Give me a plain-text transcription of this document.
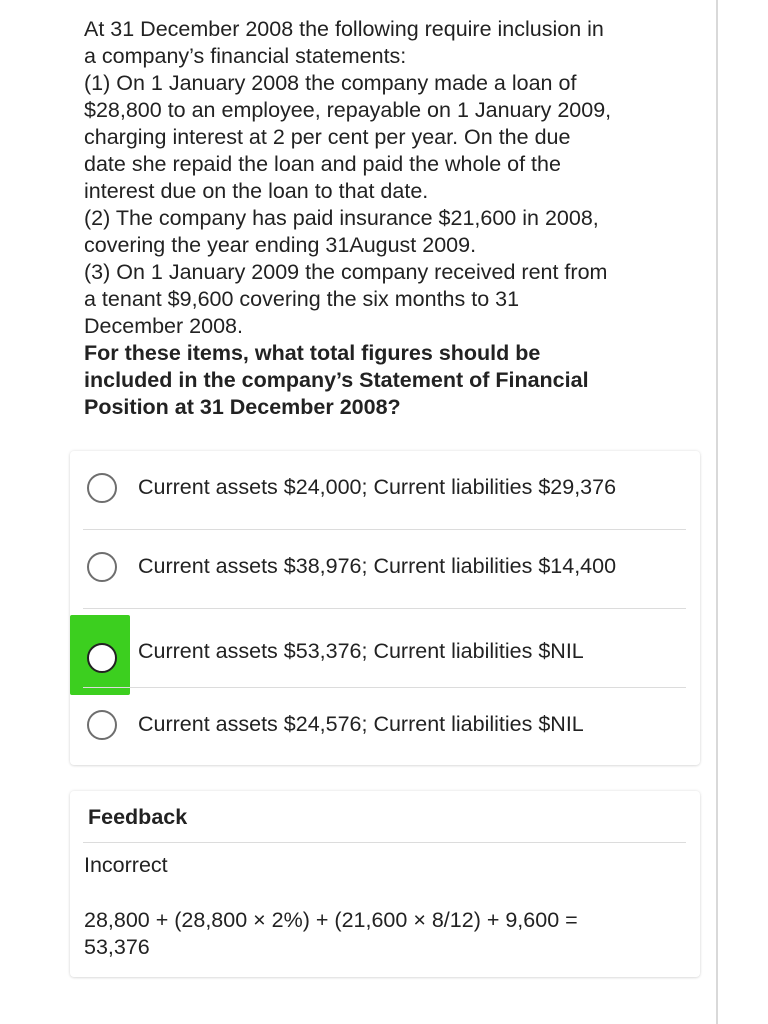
At 31 December 2008 the following require inclusion in
a company’s financial statements:
(1) On 1 January 2008 the company made a loan of
$28,800 to an employee, repayable on 1 January 2009,
charging interest at 2 per cent per year. On the due
date she repaid the loan and paid the whole of the
interest due on the loan to that date.
(2) The company has paid insurance $21,600 in 2008,
covering the year ending 31August 2009.
(3) On 1 January 2009 the company received rent from
a tenant $9,600 covering the six months to 31
December 2008.
For these items, what total figures should be
included in the company’s Statement of Financial
Position at 31 December 2008?
Current assets $24,000; Current liabilities $29,376
Current assets $38,976; Current liabilities $14,400
Current assets $53,376; Current liabilities $NIL
Current assets $24,576; Current liabilities $NIL
Feedback
Incorrect
28,800 + (28,800 × 2%) + (21,600 × 8/12) + 9,600 =
53,376
